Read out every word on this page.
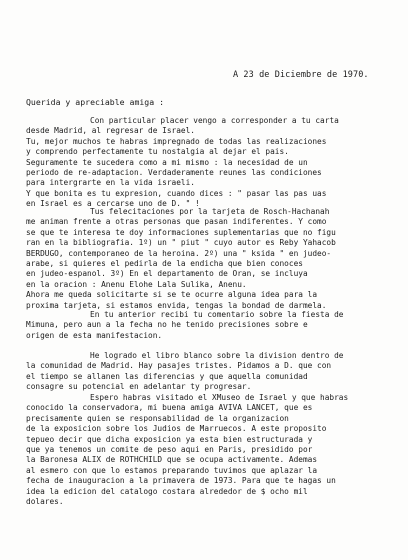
A 23 de Diciembre de 1970.
Querida y apreciable amiga :
Con particular placer vengo a corresponder a tu carta
desde Madrid, al regresar de Israel.
Tu, mejor muchos te habras impregnado de todas las realizaciones
y comprendo perfectamente tu nostalgia al dejar el pais.
Seguramente te sucedera como a mi mismo : la necesidad de un
periodo de re-adaptacion. Verdaderamente reunes las condiciones
para intergrarte en la vida israeli.
Y que bonita es tu expresion, cuando dices : " pasar las pas uas
en Israel es a cercarse uno de D. " !
Tus felecitaciones por la tarjeta de Rosch-Hachanah
me animan frente a otras personas que pasan indiferentes. Y como
se que te interesa te doy informaciones suplementarias que no figu
ran en la bibliografia. 1º) un " piut " cuyo autor es Reby Yahacob
BERDUGO, contemporaneo de la heroina. 2º) una " ksida " en judeo-
arabe, si quieres el pedirla de la endicha que bien conoces
en judeo-espanol. 3º) En el departamento de Oran, se incluya
en la oracion : Anenu Elohe Lala Sulika, Anenu.
Ahora me queda solicitarte si se te ocurre alguna idea para la
proxima tarjeta, si estamos envida, tengas la bondad de darmela.
En tu anterior recibi tu comentario sobre la fiesta de
Mimuna, pero aun a la fecha no he tenido precisiones sobre e
origen de esta manifestacion.
He logrado el libro blanco sobre la division dentro de
la comunidad de Madrid. Hay pasajes tristes. Pidamos a D. que con
el tiempo se allanen las diferencias y que aquella comunidad
consagre su potencial en adelantar ty progresar.
Espero habras visitado el XMuseo de Israel y que habras
conocido la conservadora, mi buena amiga AVIVA LANCET, que es
precisamente quien se responsabilidad de la organizacion
de la exposicion sobre los Judios de Marruecos. A este proposito
tepueo decir que dicha exposicion ya esta bien estructurada y
que ya tenemos un comite de peso aqui en Paris, presidido por
la Baronesa ALIX de ROTHCHILD que se ocupa activamente. Ademas
al esmero con que lo estamos preparando tuvimos que aplazar la
fecha de inauguracion a la primavera de 1973. Para que te hagas un
idea la edicion del catalogo costara alrededor de $ ocho mil
dolares.
